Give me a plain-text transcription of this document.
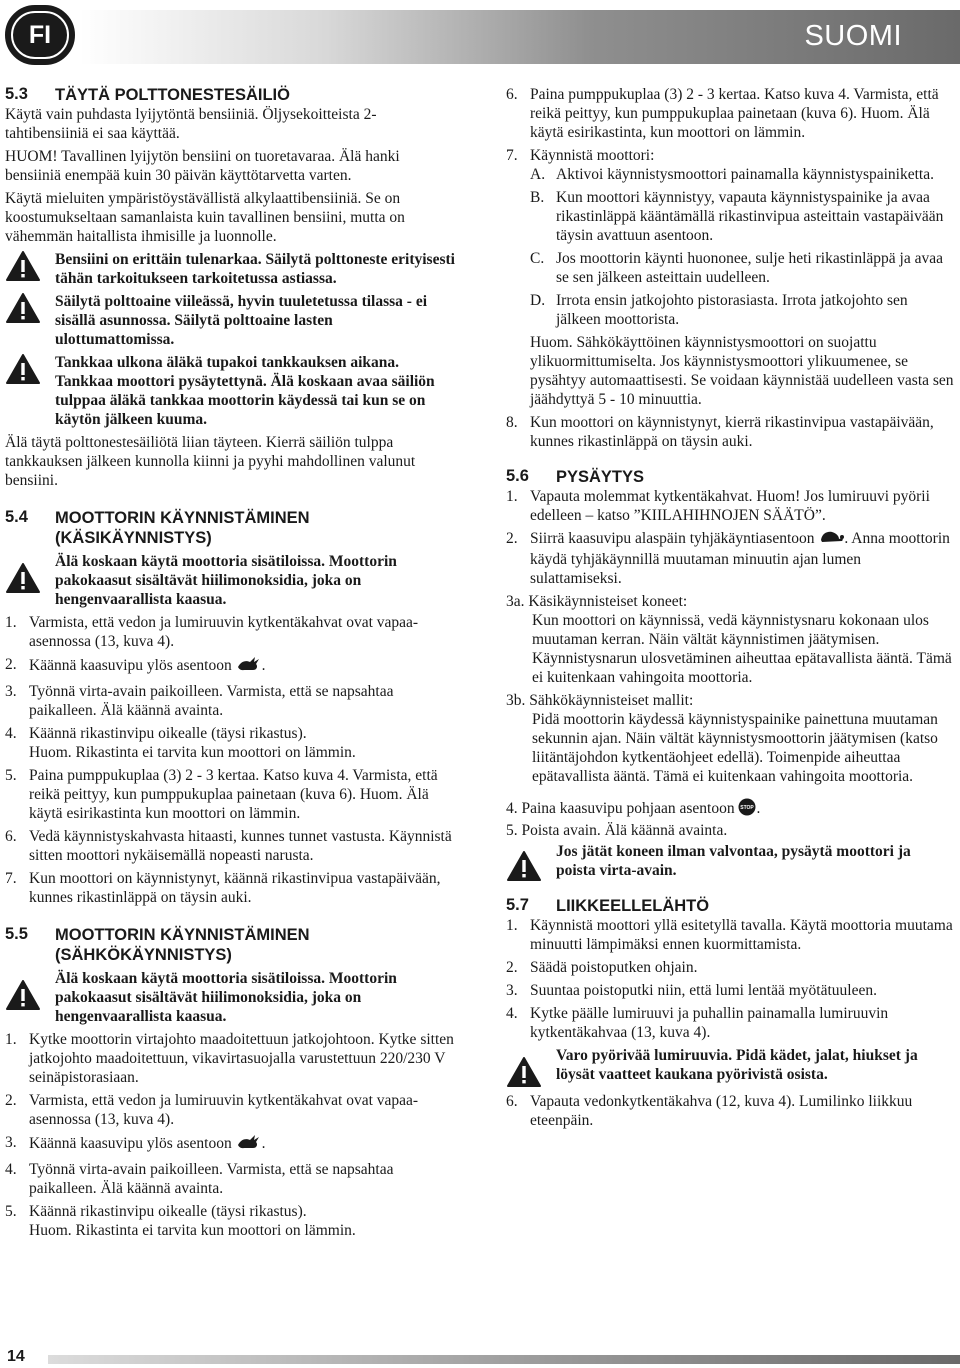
FI	SUOMI
5.3	TÄYTÄ POLTTONESTESÄILIÖ

Käytä vain puhdasta lyijytöntä bensiiniä. Öljysekoitteista 2-tahtibensiiniä ei saa käyttää.

HUOM! Tavallinen lyijytön bensiini on tuoretavaraa. Älä hanki bensiiniä enempää kuin 30 päivän käyttötarvetta varten.

Käytä mieluiten ympäristöystävällistä alkylaattibensiiniä. Se on koostumukseltaan samanlaista kuin tavallinen bensiini, mutta on vähemmän haitallista ihmisille ja luonnolle.

Bensiini on erittäin tulenarkaa. Säilytä polttoneste erityisesti tähän tarkoitukseen tarkoitetussa astiassa.
Säilytä polttoaine viileässä, hyvin tuuletetussa tilassa - ei sisällä asunnossa. Säilytä polttoaine lasten ulottumattomissa.
Tankkaa ulkona äläkä tupakoi tankkauksen aikana. Tankkaa moottori pysäytettynä. Älä koskaan avaa säiliön tulppaa äläkä tankkaa moottorin käydessä tai kun se on käytön jälkeen kuuma.

Älä täytä polttonestesäiliötä liian täyteen. Kierrä säiliön tulppa tankkauksen jälkeen kunnolla kiinni ja pyyhi mahdollinen valunut bensiini.

5.4	MOOTTORIN KÄYNNISTÄMINEN (KÄSIKÄYNNISTYS)
Älä koskaan käytä moottoria sisätiloissa. Moottorin pakokaasut sisältävät hiilimonoksidia, joka on hengenvaarallista kaasua.
1. Varmista, että vedon ja lumiruuvin kytkentäkahvat ovat vapaa-asennossa (13, kuva 4).
2. Käännä kaasuvipu ylös asentoon .
3. Työnnä virta-avain paikoilleen. Varmista, että se napsahtaa paikalleen. Älä käännä avainta.
4. Käännä rikastinvipu oikealle (täysi rikastus).
Huom. Rikastinta ei tarvita kun moottori on lämmin.
5. Paina pumppukuplaa (3) 2 - 3 kertaa. Katso kuva 4. Varmista, että reikä peittyy, kun pumppukuplaa painetaan (kuva 6). Huom. Älä käytä esirikastinta kun moottori on lämmin.
6. Vedä käynnistyskahvasta hitaasti, kunnes tunnet vastusta. Käynnistä sitten moottori nykäisemällä nopeasti narusta.
7. Kun moottori on käynnistynyt, käännä rikastinvipua vastapäivään, kunnes rikastinläppä on täysin auki.
5.5	MOOTTORIN KÄYNNISTÄMINEN (SÄHKÖKÄYNNISTYS)
Älä koskaan käytä moottoria sisätiloissa. Moottorin pakokaasut sisältävät hiilimonoksidia, joka on hengenvaarallista kaasua.
1. Kytke moottorin virtajohto maadoitettuun jatkojohtoon. Kytke sitten jatkojohto maadoitettuun, vikavirtasuojalla varustettuun 220/230 V seinäpistorasiaan.
2. Varmista, että vedon ja lumiruuvin kytkentäkahvat ovat vapaa-asennossa (13, kuva 4).
3. Käännä kaasuvipu ylös asentoon .
4. Työnnä virta-avain paikoilleen. Varmista, että se napsahtaa paikalleen. Älä käännä avainta.
5. Käännä rikastinvipu oikealle (täysi rikastus).
Huom. Rikastinta ei tarvita kun moottori on lämmin.
6. Paina pumppukuplaa (3) 2 - 3 kertaa. Katso kuva 4. Varmista, että reikä peittyy, kun pumppukuplaa painetaan (kuva 6). Huom. Älä käytä esirikastinta, kun moottori on lämmin.
7. Käynnistä moottori:
A. Aktivoi käynnistysmoottori painamalla käynnistyspainiketta.
B. Kun moottori käynnistyy, vapauta käynnistyspainike ja avaa rikastinläppä kääntämällä rikastinvipua asteittain vastapäivään täysin avattuun asentoon.
C. Jos moottorin käynti huononee, sulje heti rikastinläppä ja avaa se sen jälkeen asteittain uudelleen.
D. Irrota ensin jatkojohto pistorasiasta. Irrota jatkojohto sen jälkeen moottorista.

Huom. Sähkökäyttöinen käynnistysmoottori on suojattu ylikuormittumiselta. Jos käynnistysmoottori ylikuumenee, se pysähtyy automaattisesti. Se voidaan käynnistää uudelleen vasta sen jäähdyttyä 5 - 10 minuuttia.

8. Kun moottori on käynnistynyt, kierrä rikastinvipua vastapäivään, kunnes rikastinläppä on täysin auki.
5.6	PYSÄYTYS
1. Vapauta molemmat kytkentäkahvat. Huom! Jos lumiruuvi pyörii edelleen – katso ”KIILAHIHNOJEN SÄÄTÖ”.
2. Siirrä kaasuvipu alaspäin tyhjäkäyntiasentoon . Anna moottorin käydä tyhjäkäynnillä muutaman minuutin ajan lumen sulattamiseksi.

3a. Käsikäynnisteiset koneet:

Kun moottori on käynnissä, vedä käynnistysnaru kokonaan ulos muutaman kerran. Näin vältät käynnistimen jäätymisen. Käynnistysnarun ulosvetäminen aiheuttaa epätavallista ääntä. Tämä ei kuitenkaan vahingoita moottoria.

3b. Sähkökäynnisteiset mallit:

Pidä moottorin käydessä käynnistyspainike painettuna muutaman sekunnin ajan. Näin vältät käynnistysmoottorin jäätymisen (katso liitäntäjohdon kytkentäohjeet edellä). Toimenpide aiheuttaa epätavallista ääntä. Tämä ei kuitenkaan vahingoita moottoria.

4. Paina kaasuvipu pohjaan asentoon STOP .

5. Poista avain. Älä käännä avainta.

Jos jätät koneen ilman valvontaa, pysäytä moottori ja poista virta-avain.
5.7	LIIKKEELLELÄHTÖ
1. Käynnistä moottori yllä esitetyllä tavalla. Käytä moottoria muutama minuutti lämpimäksi ennen kuormittamista.
2. Säädä poistoputken ohjain.
3. Suuntaa poistoputki niin, että lumi lentää myötätuuleen.
4. Kytke päälle lumiruuvi ja puhallin painamalla lumiruuvin kytkentäkahvaa (13, kuva 4).
Varo pyörivää lumiruuvia. Pidä kädet, jalat, hiukset ja löysät vaatteet kaukana pyörivistä osista.
6. Vapauta vedonkytkentäkahva (12, kuva 4). Lumilinko liikkuu eteenpäin.
14
